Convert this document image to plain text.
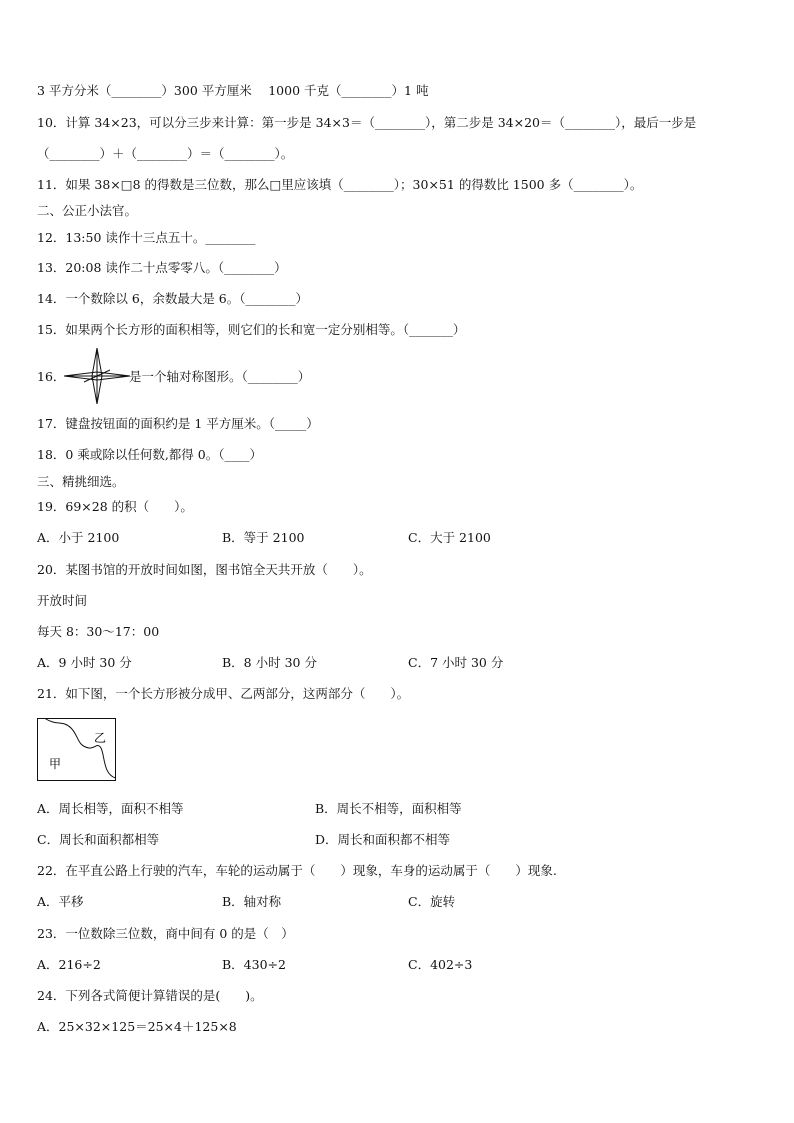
3 平方分米（________）300 平方厘米　 1000 千克（________）1 吨
10．计算 34×23，可以分三步来计算：第一步是 34×3＝（________），第二步是 34×20＝（________），最后一步是
（________）＋（________）＝（________）。
11．如果 38×□8 的得数是三位数，那么□里应该填（________）；30×51 的得数比 1500 多（________）。
二、公正小法官。
12．13:50 读作十三点五十。________
13．20:08 读作二十点零零八。（________）
14．一个数除以 6，余数最大是 6。（________）
15．如果两个长方形的面积相等，则它们的长和宽一定分别相等。（_______）
16．	是一个轴对称图形。（________）
17．键盘按钮面的面积约是 1 平方厘米。（_____）
18．0 乘或除以任何数,都得 0。（____）
三、精挑细选。
19．69×28 的积（　　）。
A．小于 2100	B．等于 2100	C．大于 2100
20．某图书馆的开放时间如图，图书馆全天共开放（　　）。
开放时间
每天 8：30～17：00
A．9 小时 30 分	B．8 小时 30 分	C．7 小时 30 分
21．如下图，一个长方形被分成甲、乙两部分，这两部分（　　）。
甲
乙
A．周长相等，面积不相等	B．周长不相等，面积相等
C．周长和面积都相等	D．周长和面积都不相等
22．在平直公路上行驶的汽车，车轮的运动属于（　　）现象，车身的运动属于（　　）现象.
A．平移	B．轴对称	C．旋转
23．一位数除三位数，商中间有 0 的是（　）
A．216÷2	B．430÷2	C．402÷3
24．下列各式简便计算错误的是(　　)。
A．25×32×125＝25×4＋125×8
